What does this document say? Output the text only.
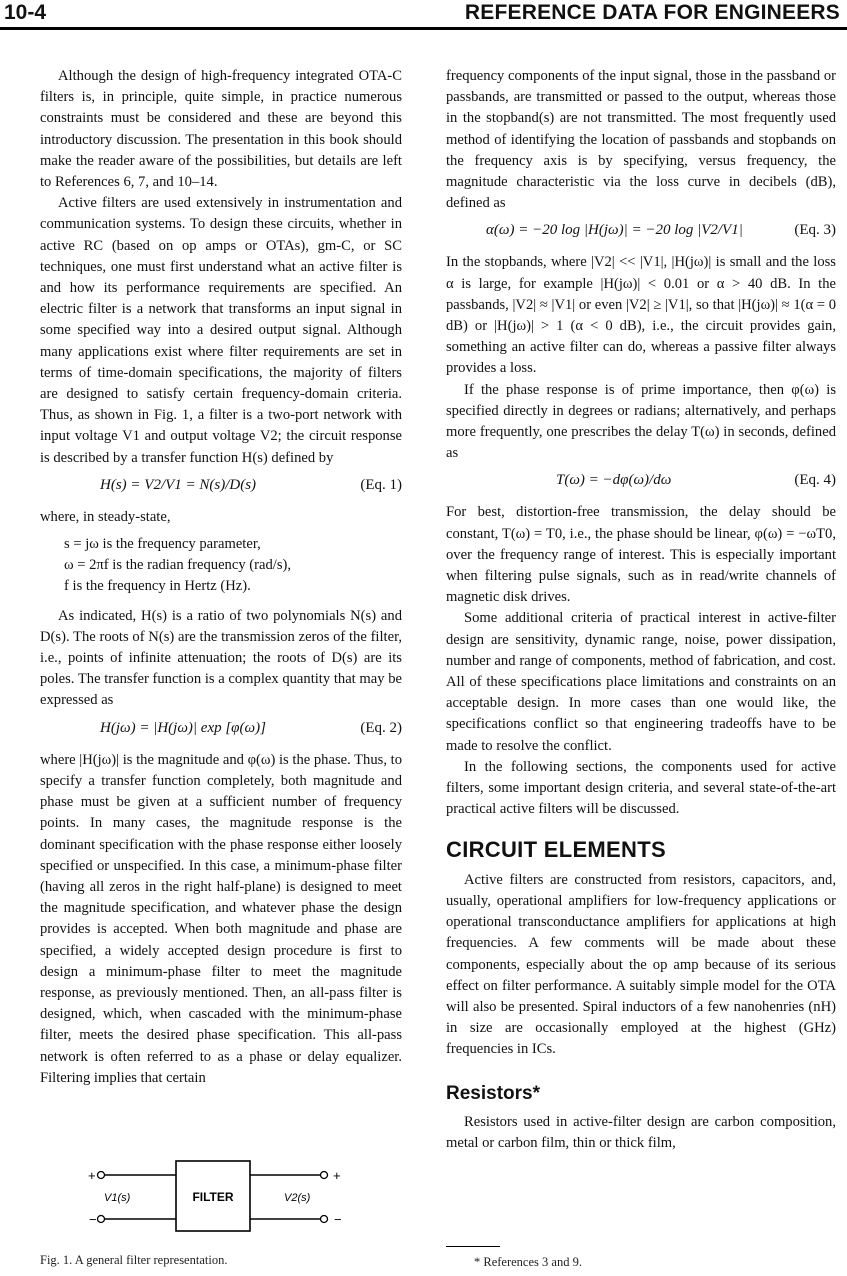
10-4	REFERENCE DATA FOR ENGINEERS

Although the design of high-frequency integrated OTA-C filters is, in principle, quite simple, in practice numerous constraints must be considered and these are beyond this introductory discussion. The presentation in this book should make the reader aware of the possibilities, but details are left to References 6, 7, and 10–14.

Active filters are used extensively in instrumentation and communication systems. To design these circuits, whether in active RC (based on op amps or OTAs), gm-C, or SC techniques, one must first understand what an active filter is and how its performance requirements are specified. An electric filter is a network that transforms an input signal in some specified way into a desired output signal. Although many applications exist where filter requirements are set in terms of time-domain specifications, the majority of filters are designed to satisfy certain frequency-domain criteria. Thus, as shown in Fig. 1, a filter is a two-port network with input voltage V1 and output voltage V2; the circuit response is described by a transfer function H(s) defined by

H(s) = V2/V1 = N(s)/D(s)	(Eq. 1)

where, in steady-state,

s = jω is the frequency parameter,
ω = 2πf is the radian frequency (rad/s),
f is the frequency in Hertz (Hz).

As indicated, H(s) is a ratio of two polynomials N(s) and D(s). The roots of N(s) are the transmission zeros of the filter, i.e., points of infinite attenuation; the roots of D(s) are its poles. The transfer function is a complex quantity that may be expressed as

H(jω) = |H(jω)| exp [φ(ω)]	(Eq. 2)

where |H(jω)| is the magnitude and φ(ω) is the phase. Thus, to specify a transfer function completely, both magnitude and phase must be given at a sufficient number of frequency points. In many cases, the magnitude response is the dominant specification with the phase response either loosely specified or unspecified. In this case, a minimum-phase filter (having all zeros in the right half-plane) is designed to meet the magnitude specification, and whatever phase the design provides is accepted. When both magnitude and phase are specified, a widely accepted design procedure is first to design a minimum-phase filter to meet the magnitude response, as previously mentioned. Then, an all-pass filter is designed, which, when cascaded with the minimum-phase filter, meets the desired phase specification. This all-pass network is often referred to as a phase or delay equalizer. Filtering implies that certain

frequency components of the input signal, those in the passband or passbands, are transmitted or passed to the output, whereas those in the stopband(s) are not transmitted. The most frequently used method of identifying the location of passbands and stopbands on the frequency axis is by specifying, versus frequency, the magnitude characteristic via the loss curve in decibels (dB), defined as

α(ω) = −20 log |H(jω)| = −20 log |V2/V1|	(Eq. 3)

In the stopbands, where |V2| << |V1|, |H(jω)| is small and the loss α is large, for example |H(jω)| < 0.01 or α > 40 dB. In the passbands, |V2| ≈ |V1| or even |V2| ≥ |V1|, so that |H(jω)| ≈ 1(α = 0 dB) or |H(jω)| > 1 (α < 0 dB), i.e., the circuit provides gain, something an active filter can do, whereas a passive filter always provides a loss.

If the phase response is of prime importance, then φ(ω) is specified directly in degrees or radians; alternatively, and perhaps more frequently, one prescribes the delay T(ω) in seconds, defined as

T(ω) = −dφ(ω)/dω	(Eq. 4)

For best, distortion-free transmission, the delay should be constant, T(ω) = T0, i.e., the phase should be linear, φ(ω) = −ωT0, over the frequency range of interest. This is especially important when filtering pulse signals, such as in read/write channels of magnetic disk drives.

Some additional criteria of practical interest in active-filter design are sensitivity, dynamic range, noise, power dissipation, number and range of components, method of fabrication, and cost. All of these specifications place limitations and constraints on an acceptable design. In more cases than one would like, the specifications conflict so that engineering tradeoffs have to be made to resolve the conflict.

In the following sections, the components used for active filters, some important design criteria, and several state-of-the-art practical active filters will be discussed.

CIRCUIT ELEMENTS

Active filters are constructed from resistors, capacitors, and, usually, operational amplifiers for low-frequency applications or operational transconductance amplifiers for applications at high frequencies. A few comments will be made about these components, especially about the op amp because of its serious effect on filter performance. A suitably simple model for the OTA will also be presented. Spiral inductors of a few nanohenries (nH) in size are occasionally employed at the highest (GHz) frequencies in ICs.

Resistors*

Resistors used in active-filter design are carbon composition, metal or carbon film, thin or thick film,

+
−
+
−
V1(s)	V2(s)
FILTER
Fig. 1. A general filter representation.	* References 3 and 9.
